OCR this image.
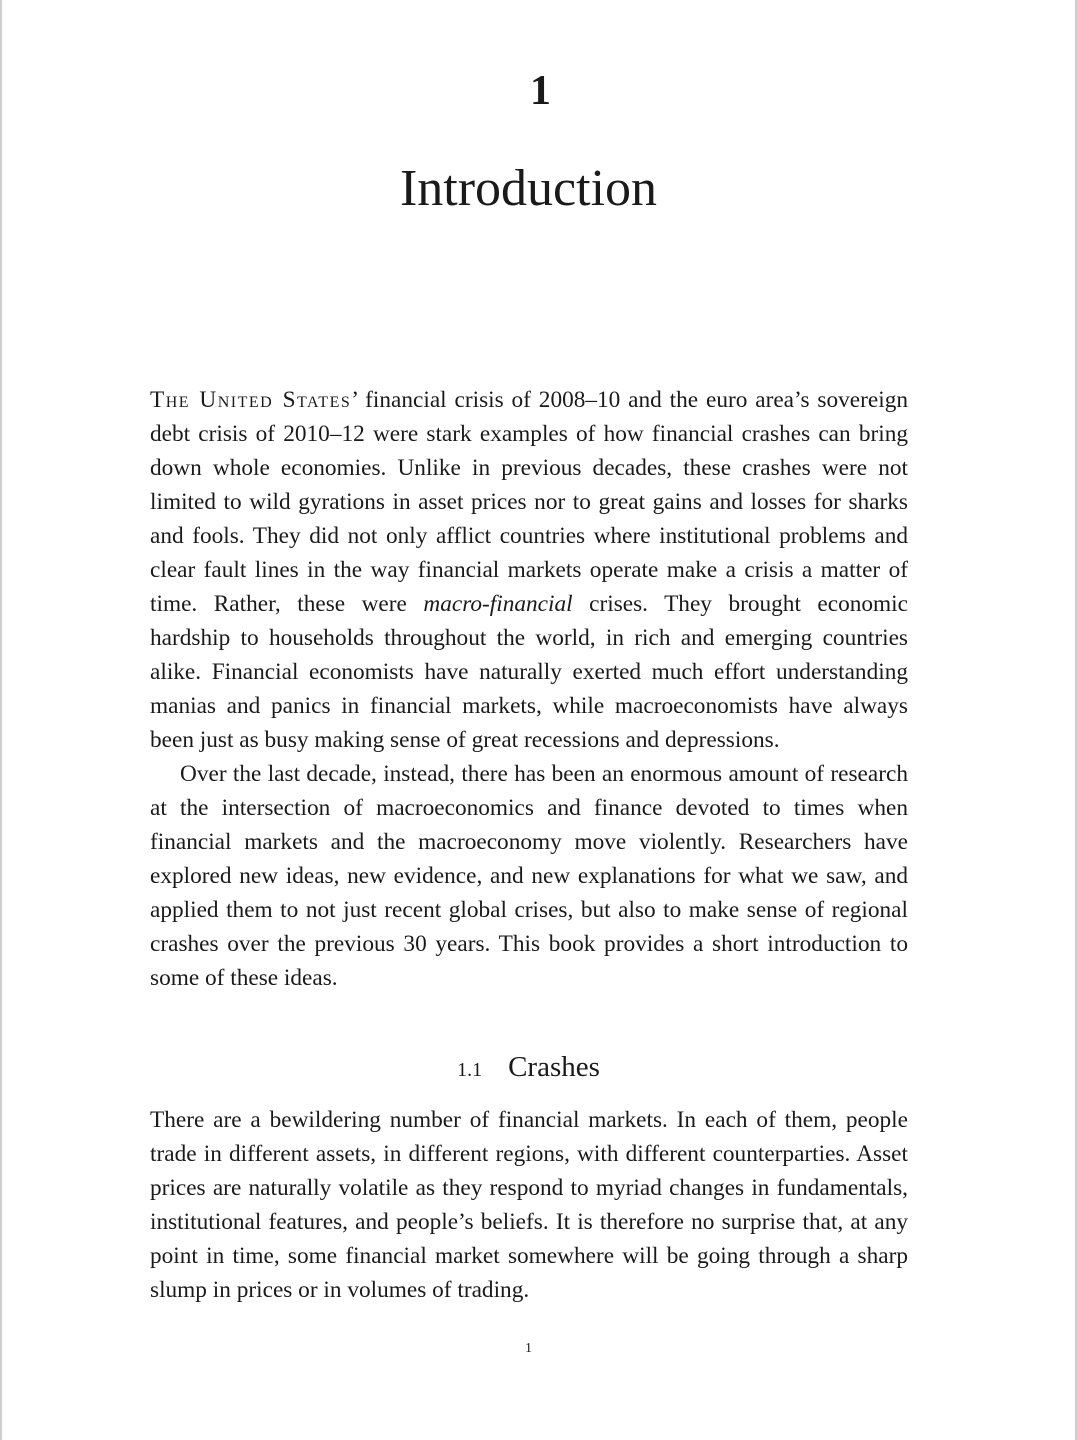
1
Introduction

The United States’ financial crisis of 2008–10 and the euro area’s sovereign debt crisis of 2010–12 were stark examples of how financial crashes can bring down whole economies. Unlike in previous decades, these crashes were not limited to wild gyrations in asset prices nor to great gains and losses for sharks and fools. They did not only afflict countries where institutional problems and clear fault lines in the way financial markets operate make a crisis a matter of time. Rather, these were macro-financial crises. They brought economic hardship to households throughout the world, in rich and emerging countries alike. Financial economists have naturally exerted much effort understanding manias and panics in financial markets, while macroeconomists have always been just as busy making sense of great recessions and depressions.

Over the last decade, instead, there has been an enormous amount of research at the intersection of macroeconomics and finance devoted to times when financial markets and the macroeconomy move violently. Researchers have explored new ideas, new evidence, and new explanations for what we saw, and applied them to not just recent global crises, but also to make sense of regional crashes over the previous 30 years. This book provides a short introduction to some of these ideas.

1.1 Crashes

There are a bewildering number of financial markets. In each of them, people trade in different assets, in different regions, with different counterparties. Asset prices are naturally volatile as they respond to myriad changes in fundamentals, institutional features, and people’s beliefs. It is therefore no surprise that, at any point in time, some financial market somewhere will be going through a sharp slump in prices or in volumes of trading.

1
